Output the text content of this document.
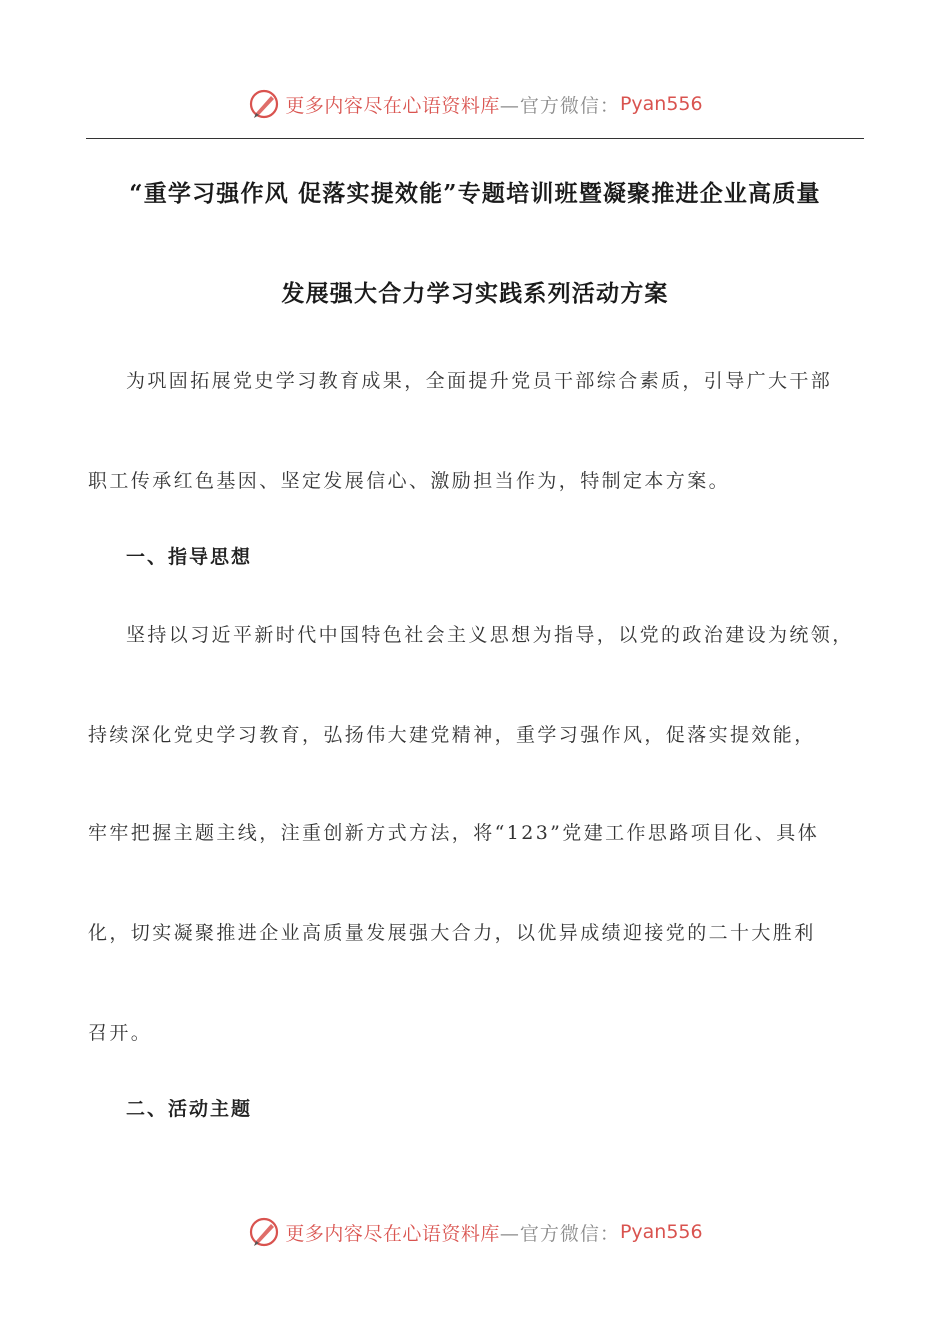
更多内容尽在心语资料库 —官方微信： Pyan556
“重学习强作风 促落实提效能”专题培训班暨凝聚推进企业高质量
发展强大合力学习实践系列活动方案
为巩固拓展党史学习教育成果，全面提升党员干部综合素质，引导广大干部
职工传承红色基因、坚定发展信心、激励担当作为，特制定本方案。
一、指导思想
坚持以习近平新时代中国特色社会主义思想为指导，以党的政治建设为统领，
持续深化党史学习教育，弘扬伟大建党精神，重学习强作风，促落实提效能，
牢牢把握主题主线，注重创新方式方法，将“123”党建工作思路项目化、具体
化，切实凝聚推进企业高质量发展强大合力，以优异成绩迎接党的二十大胜利
召开。
二、活动主题
更多内容尽在心语资料库 —官方微信： Pyan556
